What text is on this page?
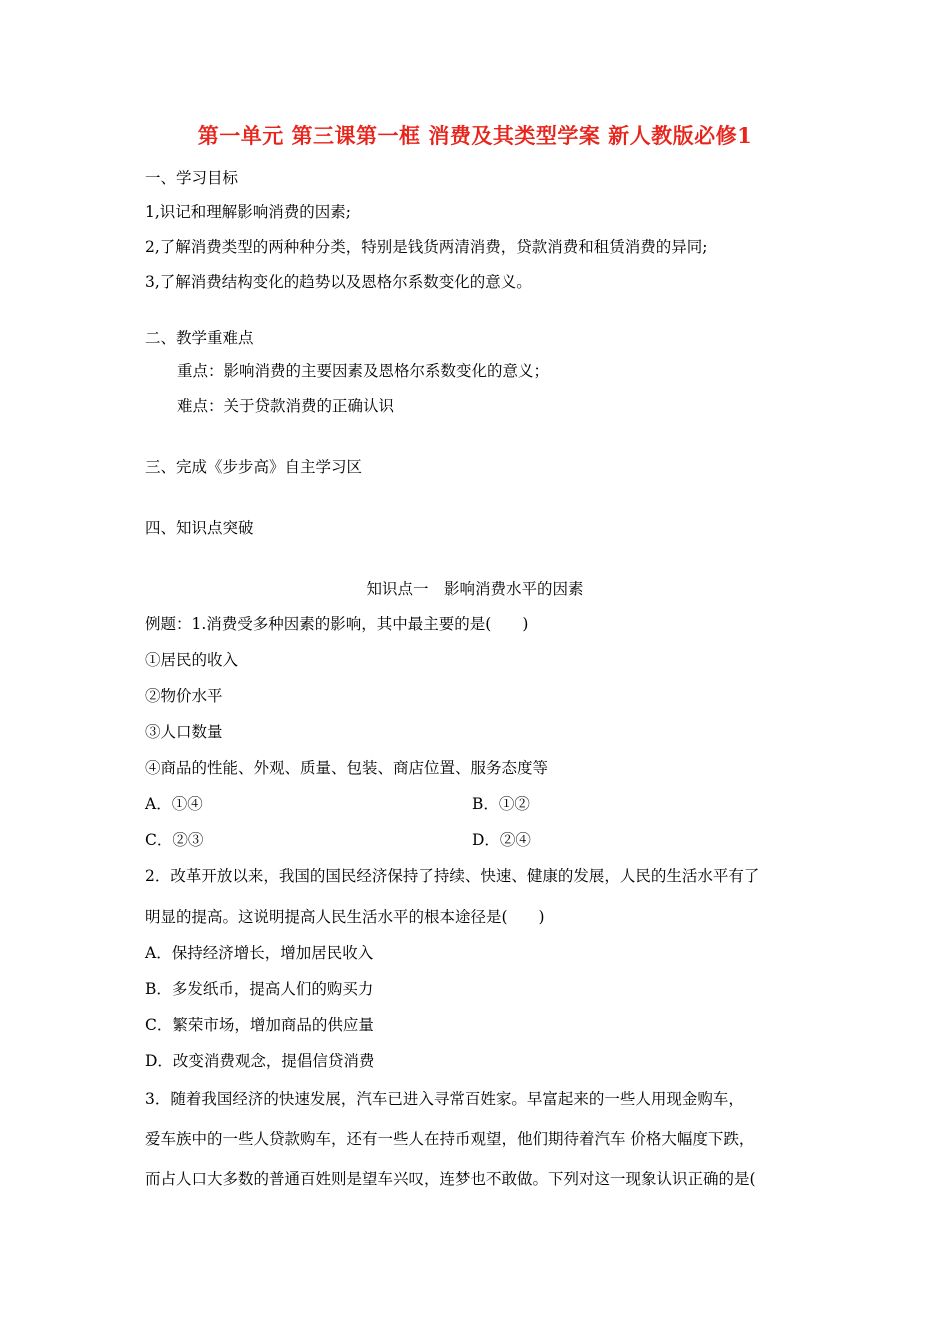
第一单元 第三课第一框 消费及其类型学案 新人教版必修1
一、学习目标
1,识记和理解影响消费的因素;
2,了解消费类型的两种种分类，特别是钱货两清消费，贷款消费和租赁消费的异同;
3,了解消费结构变化的趋势以及恩格尔系数变化的意义。
二、教学重难点
重点：影响消费的主要因素及恩格尔系数变化的意义；
难点：关于贷款消费的正确认识
三、完成《步步高》自主学习区
四、知识点突破
知识点一　影响消费水平的因素
例题：1.消费受多种因素的影响，其中最主要的是(　　)
①居民的收入
②物价水平
③人口数量
④商品的性能、外观、质量、包装、商店位置、服务态度等
A．①④	B．①②
C．②③	D．②④
2．改革开放以来，我国的国民经济保持了持续、快速、健康的发展，人民的生活水平有了
明显的提高。这说明提高人民生活水平的根本途径是(　　)
A．保持经济增长，增加居民收入
B．多发纸币，提高人们的购买力
C．繁荣市场，增加商品的供应量
D．改变消费观念，提倡信贷消费
3．随着我国经济的快速发展，汽车已进入寻常百姓家。早富起来的一些人用现金购车，
爱车族中的一些人贷款购车，还有一些人在持币观望，他们期待着汽车 价格大幅度下跌，
而占人口大多数的普通百姓则是望车兴叹，连梦也不敢做。下列对这一现象认识正确的是(
